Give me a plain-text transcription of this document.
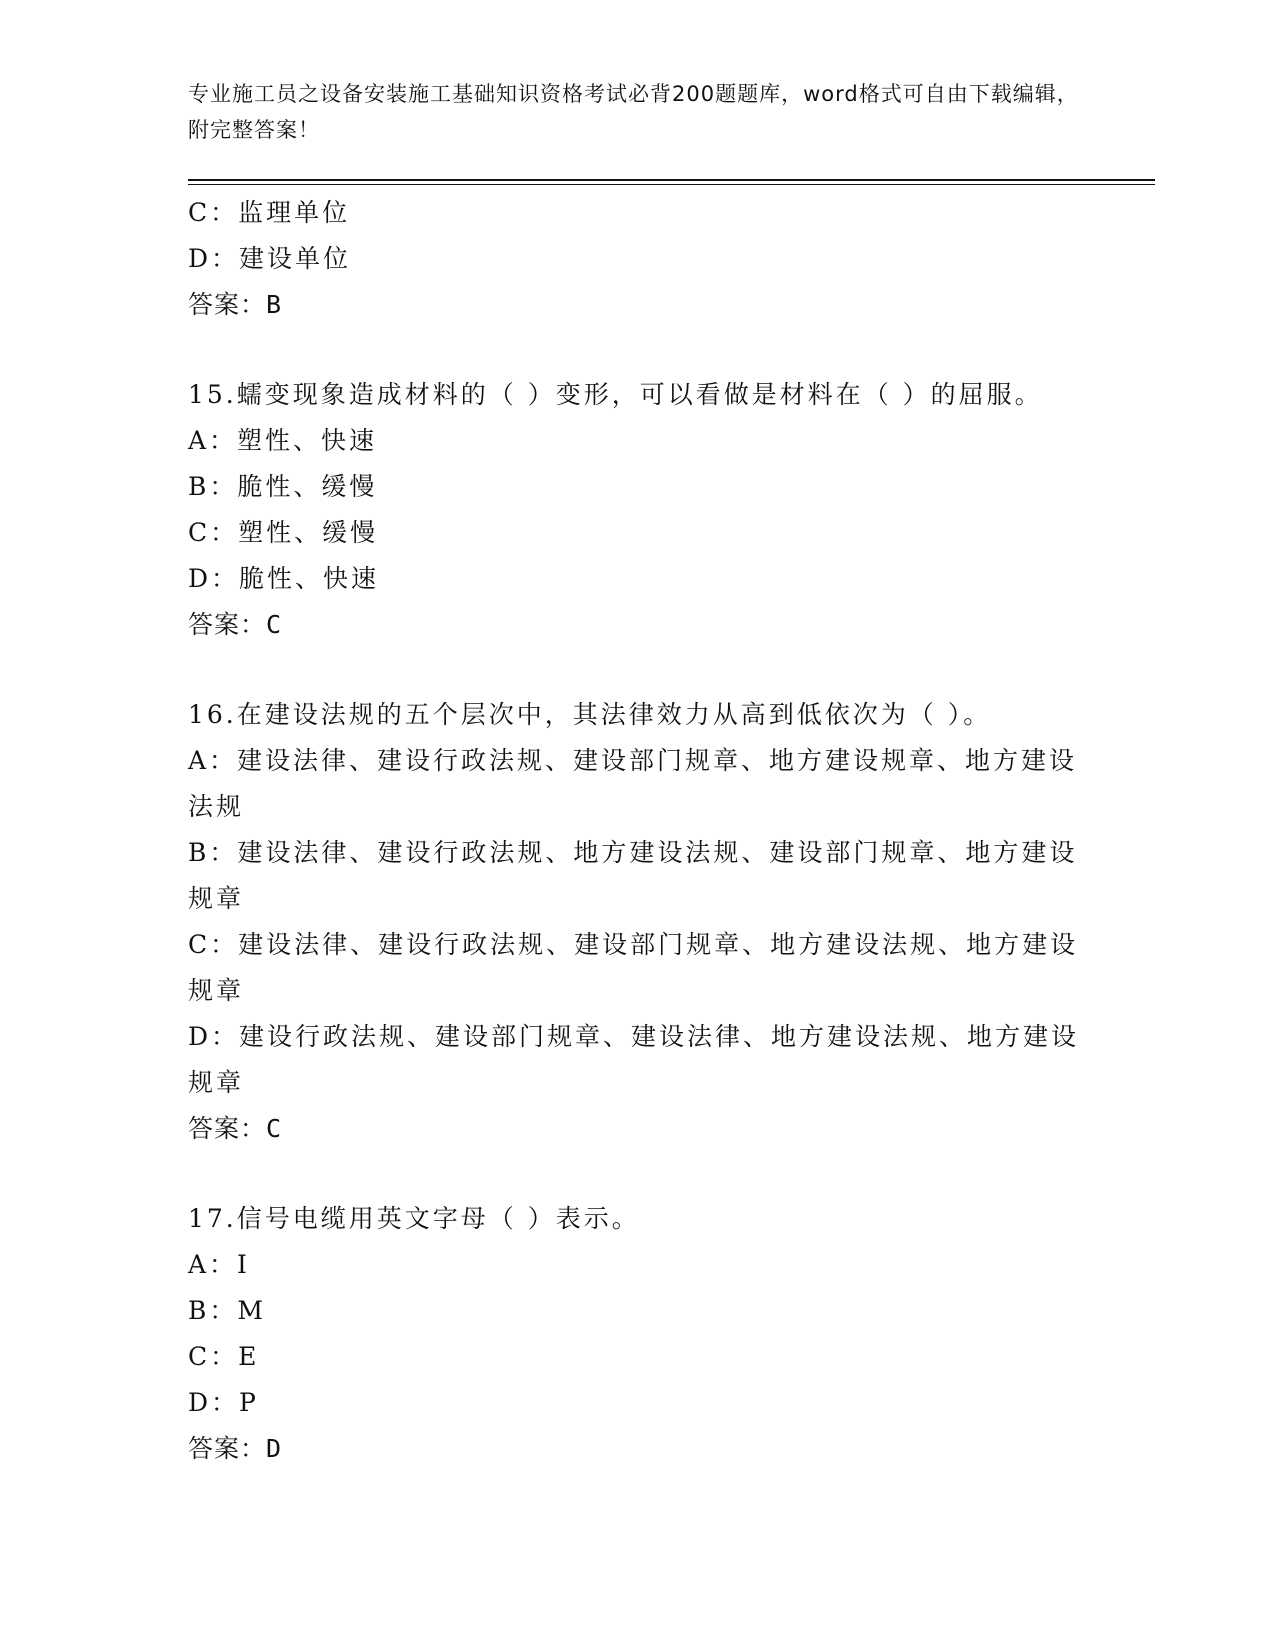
专业施工员之设备安装施工基础知识资格考试必背200题题库，word格式可自由下载编辑，附完整答案！
C：监理单位
D：建设单位
答案：B
15.蠕变现象造成材料的（ ）变形，可以看做是材料在（ ）的屈服。
A：塑性、快速
B：脆性、缓慢
C：塑性、缓慢
D：脆性、快速
答案：C
16.在建设法规的五个层次中，其法律效力从高到低依次为（ ）。
A：建设法律、建设行政法规、建设部门规章、地方建设规章、地方建设法规
B：建设法律、建设行政法规、地方建设法规、建设部门规章、地方建设规章
C：建设法律、建设行政法规、建设部门规章、地方建设法规、地方建设规章
D：建设行政法规、建设部门规章、建设法律、地方建设法规、地方建设规章
答案：C
17.信号电缆用英文字母（ ）表示。
A：I
B：M
C：E
D：P
答案：D
